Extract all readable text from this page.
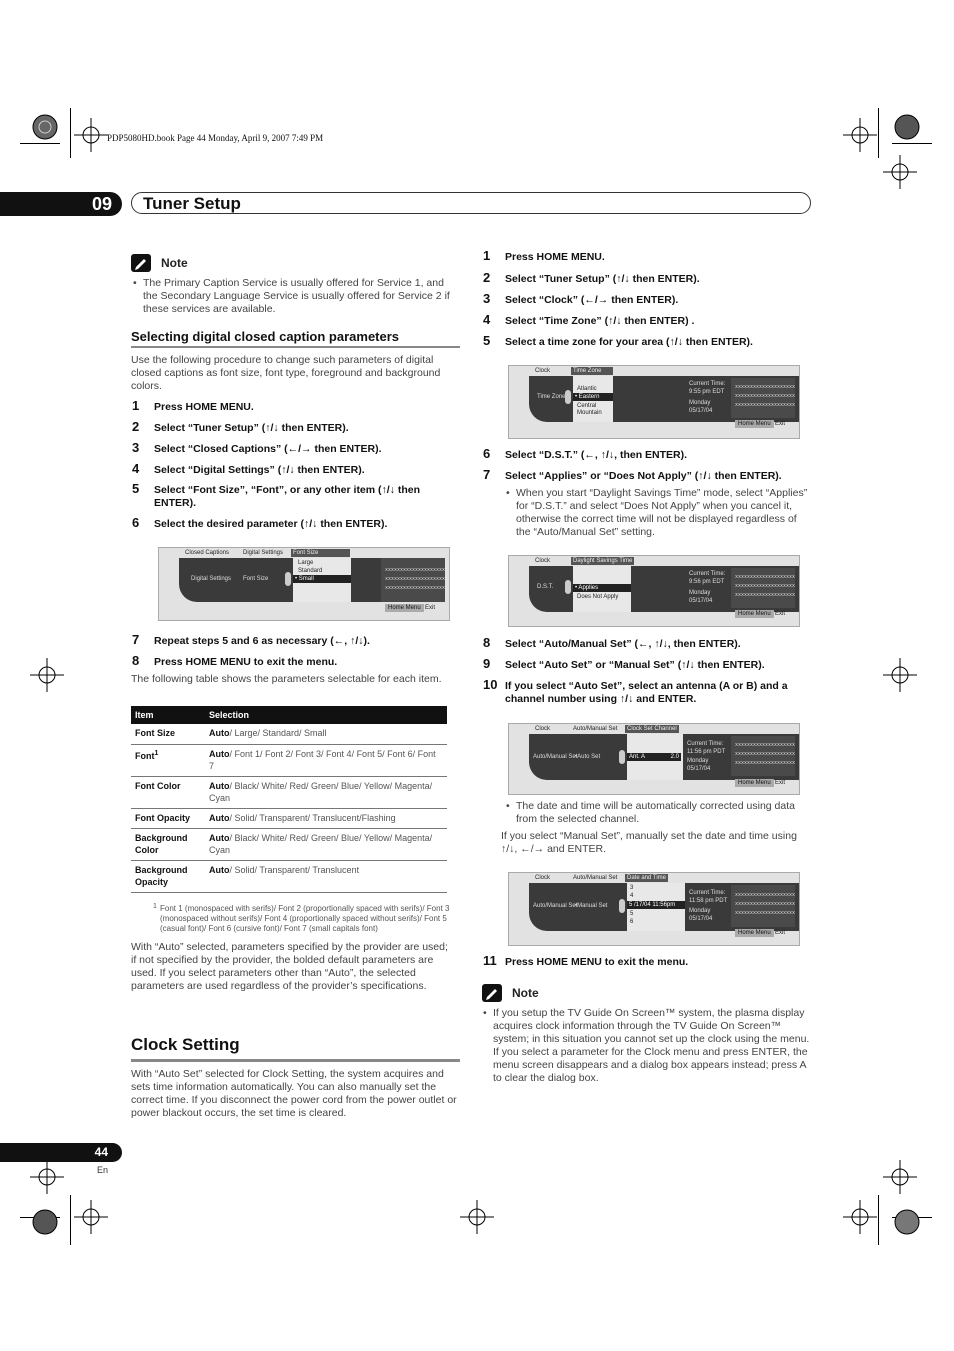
PDP5080HD.book Page 44 Monday, April 9, 2007 7:49 PM
09	Tuner Setup
Note
• The Primary Caption Service is usually offered for Service 1, and the Secondary Language Service is usually offered for Service 2 if these services are available.
Selecting digital closed caption parameters
Use the following procedure to change such parameters of digital closed captions as font size, font type, foreground and background colors.
1 Press HOME MENU.
2 Select “Tuner Setup” (↑/↓ then ENTER).
3 Select “Closed Captions” (←/→ then ENTER).
4 Select “Digital Settings” (↑/↓ then ENTER).
5 Select “Font Size”, “Font”, or any other item (↑/↓ then ENTER).
6 Select the desired parameter (↑/↓ then ENTER).
Closed Captions	Digital Settings	Font Size
Digital Settings Font Size
Large
Standard
• Small
xxxxxxxxxxxxxxxxxxxx
xxxxxxxxxxxxxxxxxxxx
xxxxxxxxxxxxxxxxxxxx
Home Menu Exit
7 Repeat steps 5 and 6 as necessary (←, ↑/↓).
8 Press HOME MENU to exit the menu.
The following table shows the parameters selectable for each item.
Item	Selection
Font Size	Auto/ Large/ Standard/ Small
Font$^1$	Auto/ Font 1/ Font 2/ Font 3/ Font 4/ Font 5/ Font 6/ Font 7
Font Color	Auto/ Black/ White/ Red/ Green/ Blue/ Yellow/ Magenta/ Cyan
Font Opacity	Auto/ Solid/ Transparent/ Translucent/Flashing
Background Color	Auto/ Black/ White/ Red/ Green/ Blue/ Yellow/ Magenta/ Cyan
Background Opacity	Auto/ Solid/ Transparent/ Translucent
1 Font 1 (monospaced with serifs)/ Font 2 (proportionally spaced with serifs)/ Font 3 (monospaced without serifs)/ Font 4 (proportionally spaced without serifs)/ Font 5 (casual font)/ Font 6 (cursive font)/ Font 7 (small capitals font)
With “Auto” selected, parameters specified by the provider are used; if not specified by the provider, the bolded default parameters are used. If you select parameters other than “Auto”, the selected parameters are used regardless of the provider’s specifications.
Clock Setting
With “Auto Set” selected for Clock Setting, the system acquires and sets time information automatically. You can also manually set the correct time. If you disconnect the power cord from the power outlet or power blackout occurs, the set time is cleared.
1 Press HOME MENU.
2 Select “Tuner Setup” (↑/↓ then ENTER).
3 Select “Clock” (←/→ then ENTER).
4 Select “Time Zone” (↑/↓ then ENTER) .
5 Select a time zone for your area (↑/↓ then ENTER).
Clock	Time Zone
Time Zone
Atlantic
• Eastern
Central
Mountain
Current Time:
9:55 pm EDT
Monday
05/17/04
xxxxxxxxxxxxxxxxxxxx
xxxxxxxxxxxxxxxxxxxx
xxxxxxxxxxxxxxxxxxxx
Home Menu Exit
6 Select “D.S.T.” (←, ↑/↓, then ENTER).
7 Select “Applies” or “Does Not Apply” (↑/↓ then ENTER).
• When you start “Daylight Savings Time” mode, select “Applies” for “D.S.T.” and select “Does Not Apply” when you cancel it, otherwise the correct time will not be displayed regardless of the “Auto/Manual Set” setting.
Clock	Daylight Savings Time
D.S.T.	• Applies
Does Not Apply
Current Time:
9:56 pm EDT
Monday
05/17/04
xxxxxxxxxxxxxxxxxxxx
xxxxxxxxxxxxxxxxxxxx
xxxxxxxxxxxxxxxxxxxx
Home Menu Exit
8 Select “Auto/Manual Set” (←, ↑/↓, then ENTER).
9 Select “Auto Set” or “Manual Set” (↑/↓ then ENTER).
10 If you select “Auto Set”, select an antenna (A or B) and a channel number using ↑/↓ and ENTER.
Clock	Auto/Manual Set	Clock Set Channel
Auto/Manual Set
•Auto Set	Ant. A	2.0
Current Time:
11:56 pm PDT
Monday
05/17/04
xxxxxxxxxxxxxxxxxxxx
xxxxxxxxxxxxxxxxxxxx
xxxxxxxxxxxxxxxxxxxx
Home Menu Exit
• The date and time will be automatically corrected using data from the selected channel.
If you select “Manual Set”, manually set the date and time using ↑/↓, ←/→ and ENTER.
Clock	Auto/Manual Set	Date and Time
Auto/Manual Set
•Manual Set
3
4
5 /17/04 11:56pm
5
6
Current Time:
11:58 pm PDT
Monday
05/17/04
xxxxxxxxxxxxxxxxxxxx
xxxxxxxxxxxxxxxxxxxx
xxxxxxxxxxxxxxxxxxxx
Home Menu Exit
11 Press HOME MENU to exit the menu.
Note
• If you setup the TV Guide On Screen™ system, the plasma display acquires clock information through the TV Guide On Screen™ system; in this situation you cannot set up the clock using the menu. If you select a parameter for the Clock menu and press ENTER, the menu screen disappears and a dialog box appears instead; press A to clear the dialog box.
44
En
